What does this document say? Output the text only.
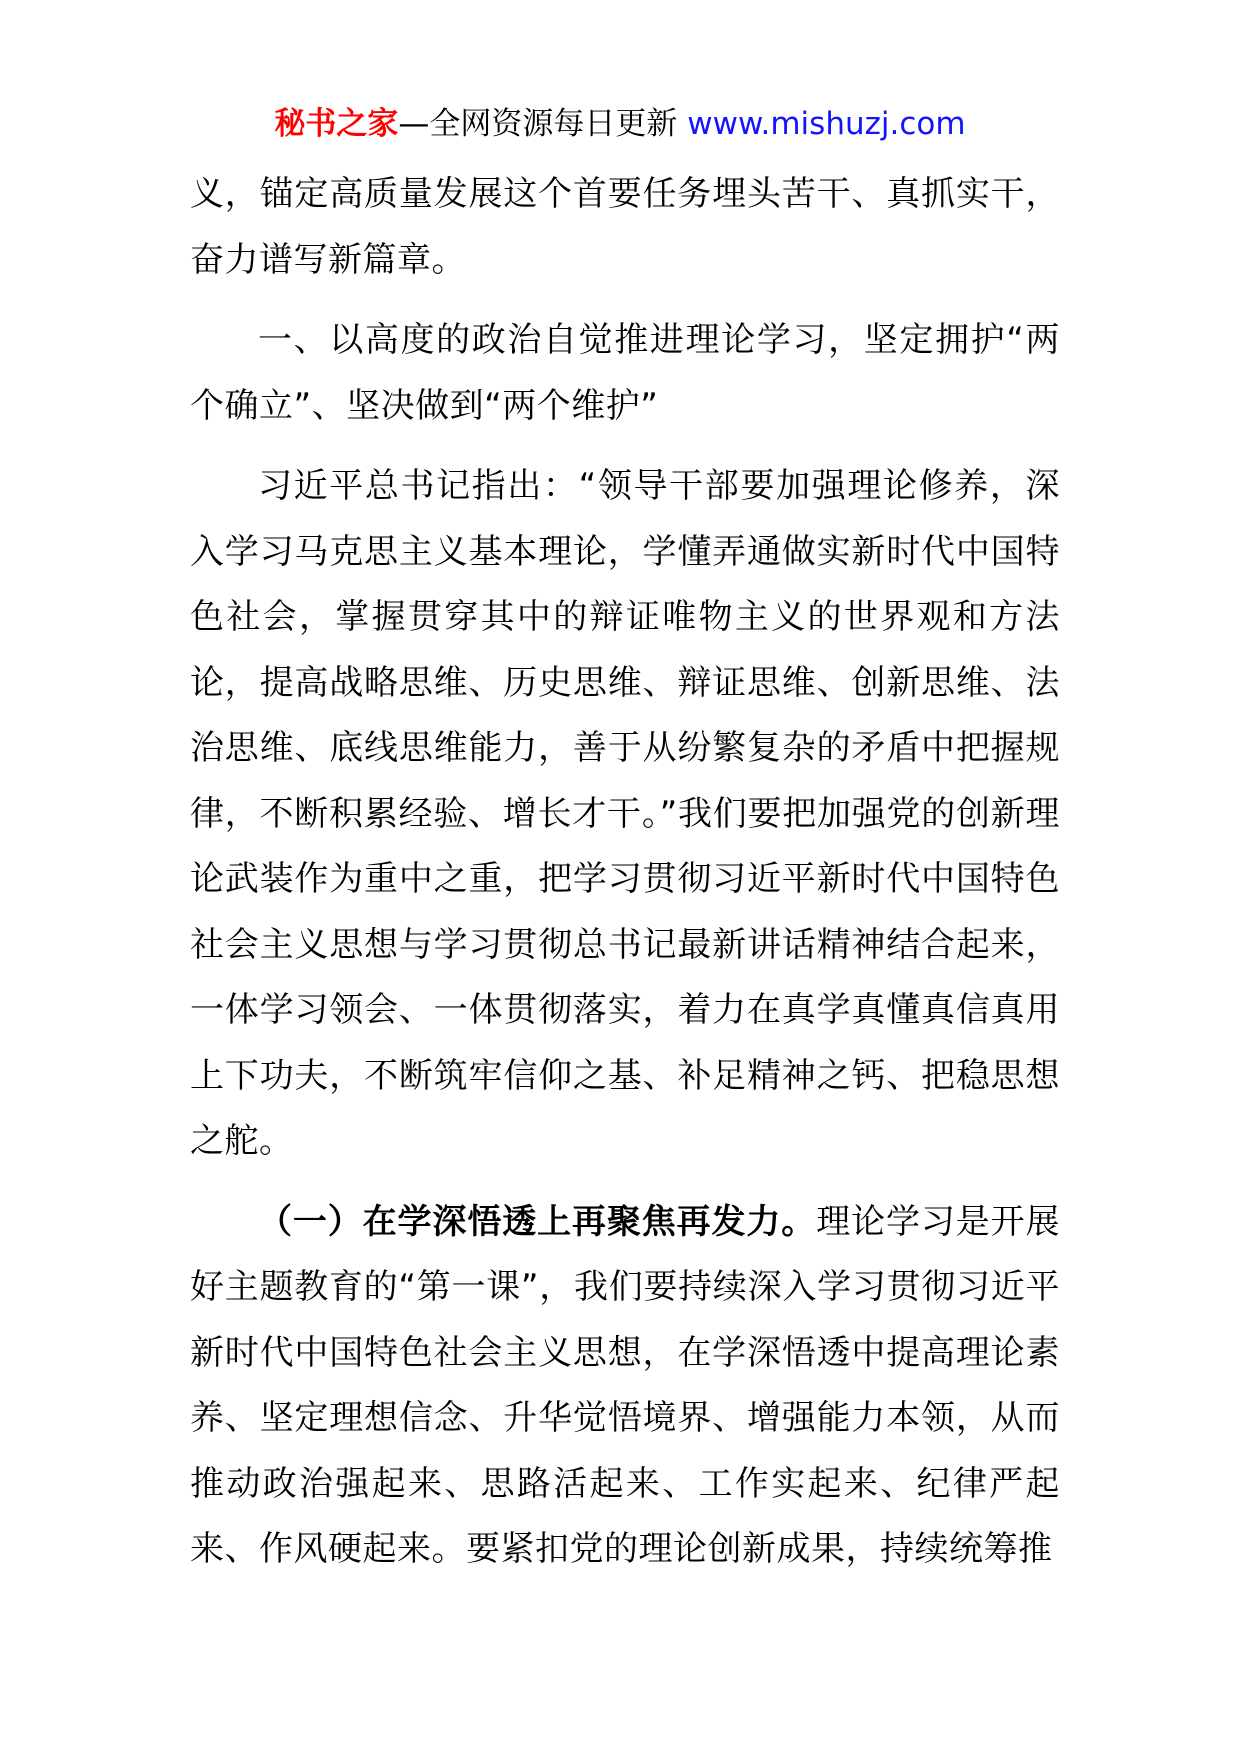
秘书之家—全网资源每日更新 www.mishuzj.com

义，锚定高质量发展这个首要任务埋头苦干、真抓实干，奋力谱写新篇章。

一、以高度的政治自觉推进理论学习，坚定拥护“两个确立”、坚决做到“两个维护”

习近平总书记指出：“领导干部要加强理论修养，深入学习马克思主义基本理论，学懂弄通做实新时代中国特色社会，掌握贯穿其中的辩证唯物主义的世界观和方法论，提高战略思维、历史思维、辩证思维、创新思维、法治思维、底线思维能力，善于从纷繁复杂的矛盾中把握规律，不断积累经验、增长才干。”我们要把加强党的创新理论武装作为重中之重，把学习贯彻习近平新时代中国特色社会主义思想与学习贯彻总书记最新讲话精神结合起来，一体学习领会、一体贯彻落实，着力在真学真懂真信真用上下功夫，不断筑牢信仰之基、补足精神之钙、把稳思想之舵。

（一）在学深悟透上再聚焦再发力。理论学习是开展好主题教育的“第一课”，我们要持续深入学习贯彻习近平新时代中国特色社会主义思想，在学深悟透中提高理论素养、坚定理想信念、升华觉悟境界、增强能力本领，从而推动政治强起来、思路活起来、工作实起来、纪律严起来、作风硬起来。要紧扣党的理论创新成果，持续统筹推
